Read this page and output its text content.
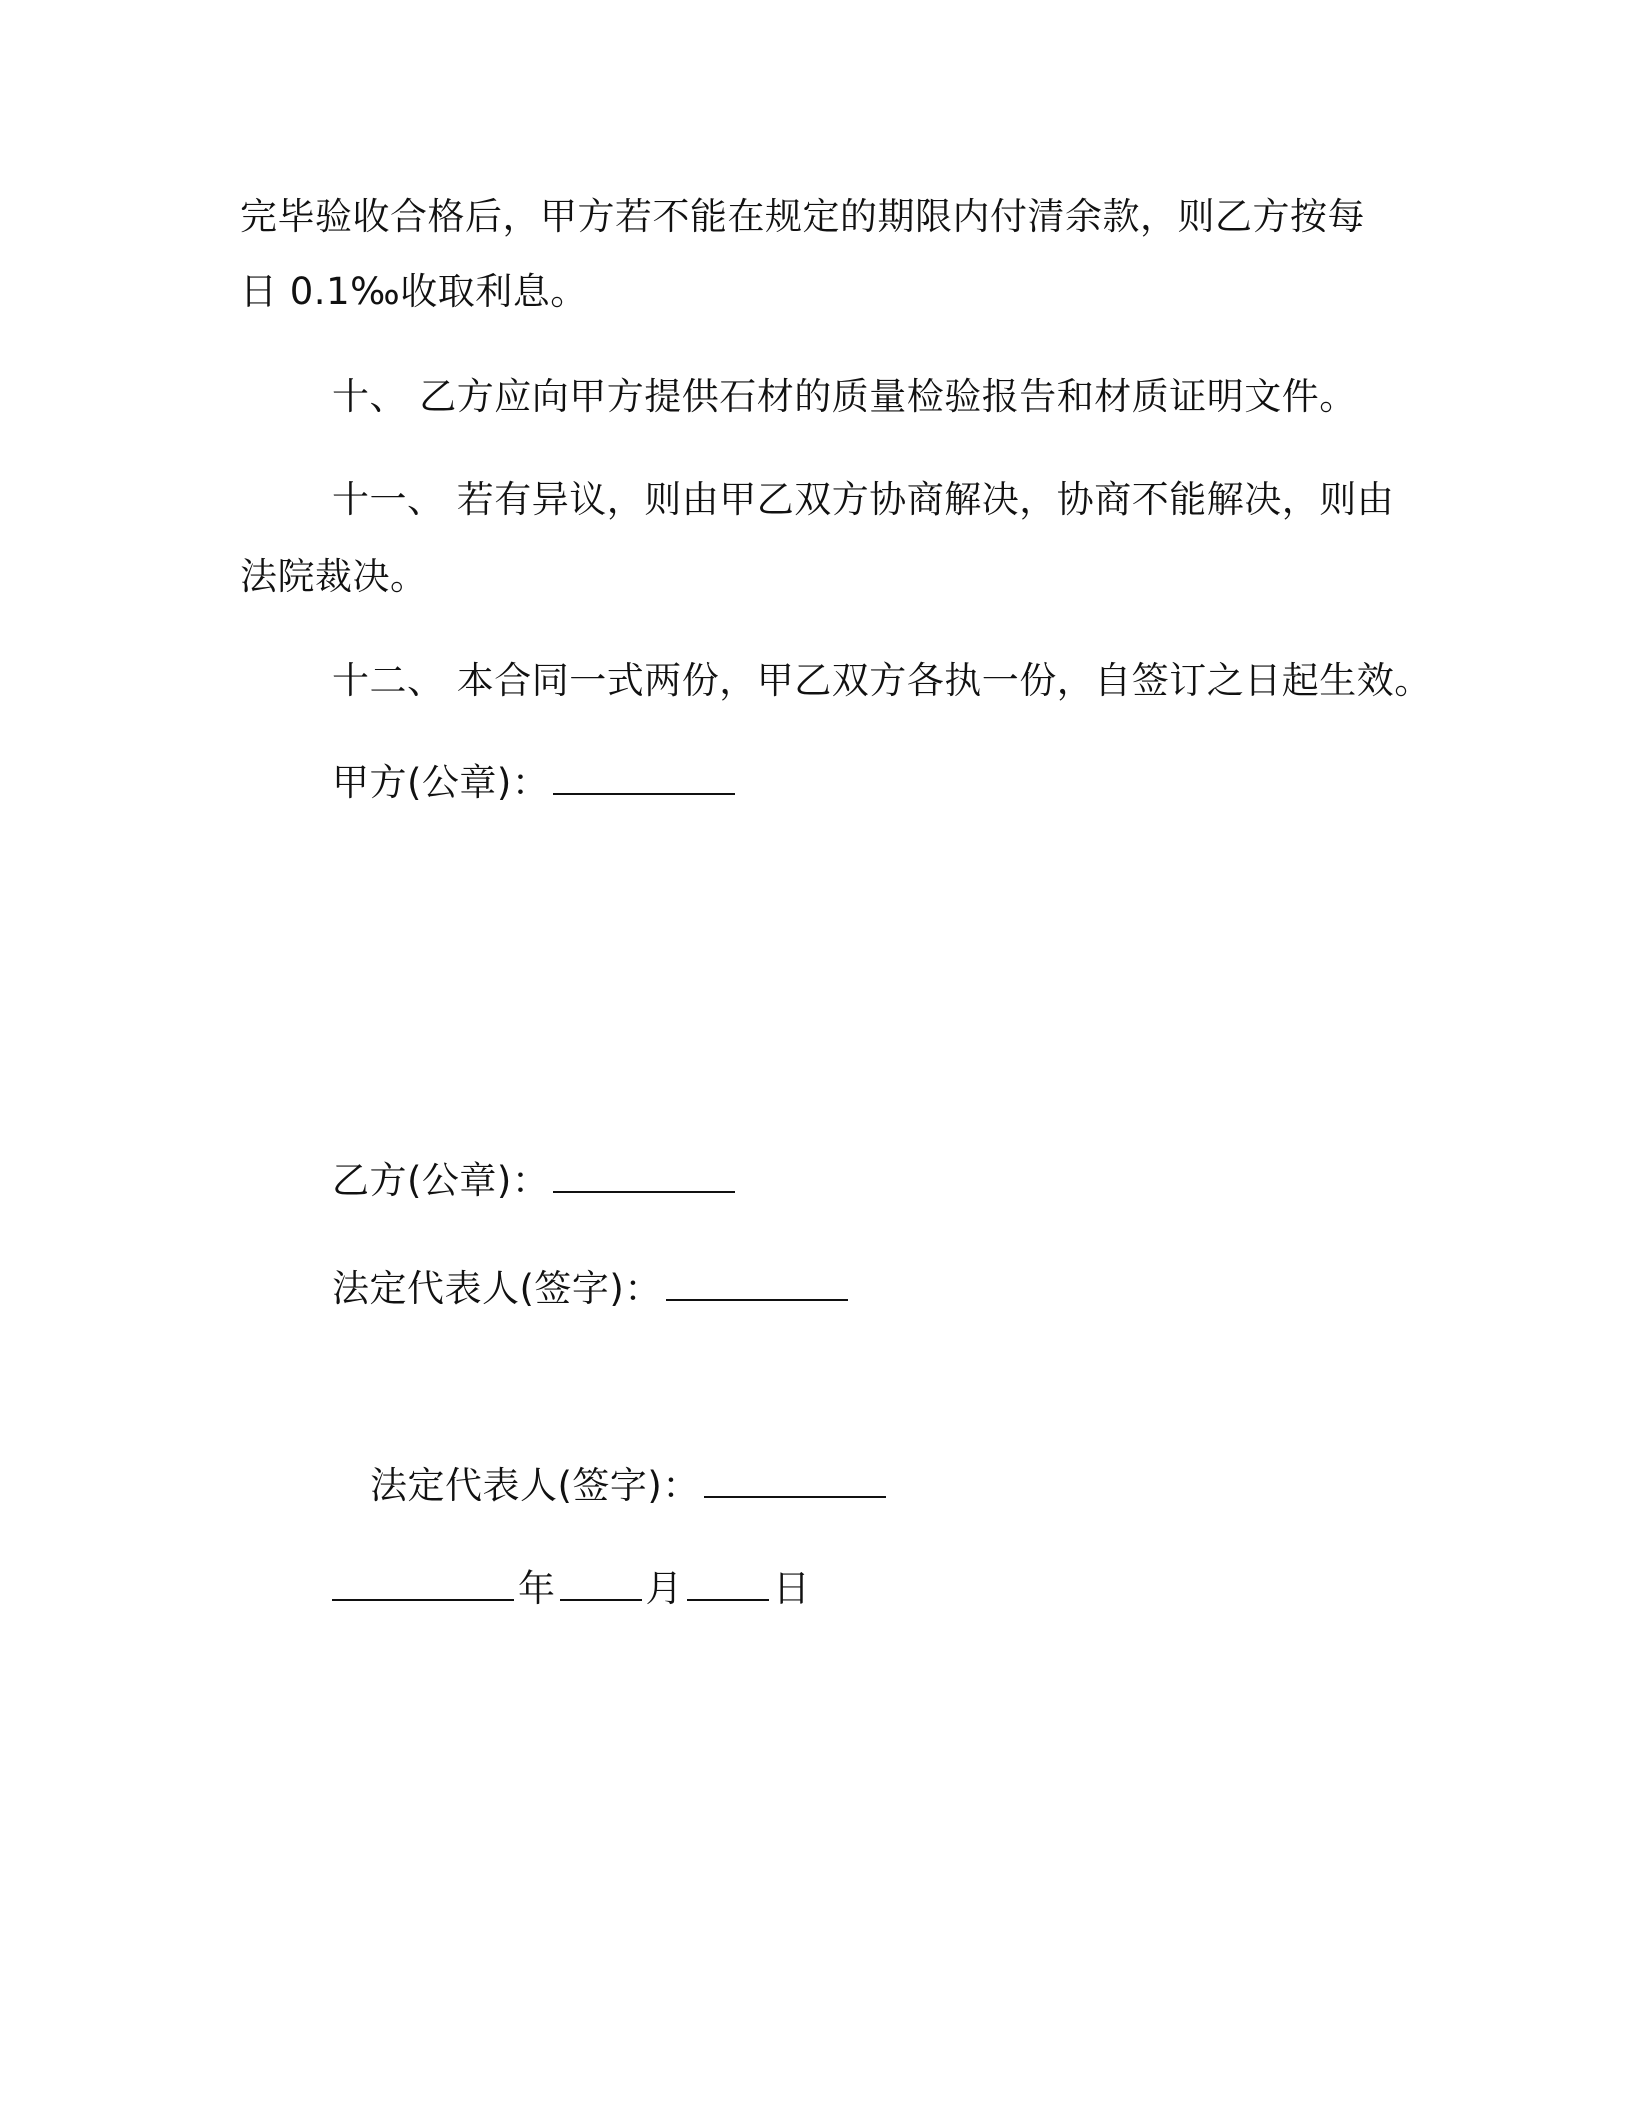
完毕验收合格后，甲方若不能在规定的期限内付清余款，则乙方按每
日 0.1‰收取利息。
十、 乙方应向甲方提供石材的质量检验报告和材质证明文件。
十一、 若有异议，则由甲乙双方协商解决，协商不能解决，则由
法院裁决。
十二、 本合同一式两份，甲乙双方各执一份，自签订之日起生效。
甲方(公章)：
乙方(公章)：
法定代表人(签字)：
法定代表人(签字)：
年 月 日
